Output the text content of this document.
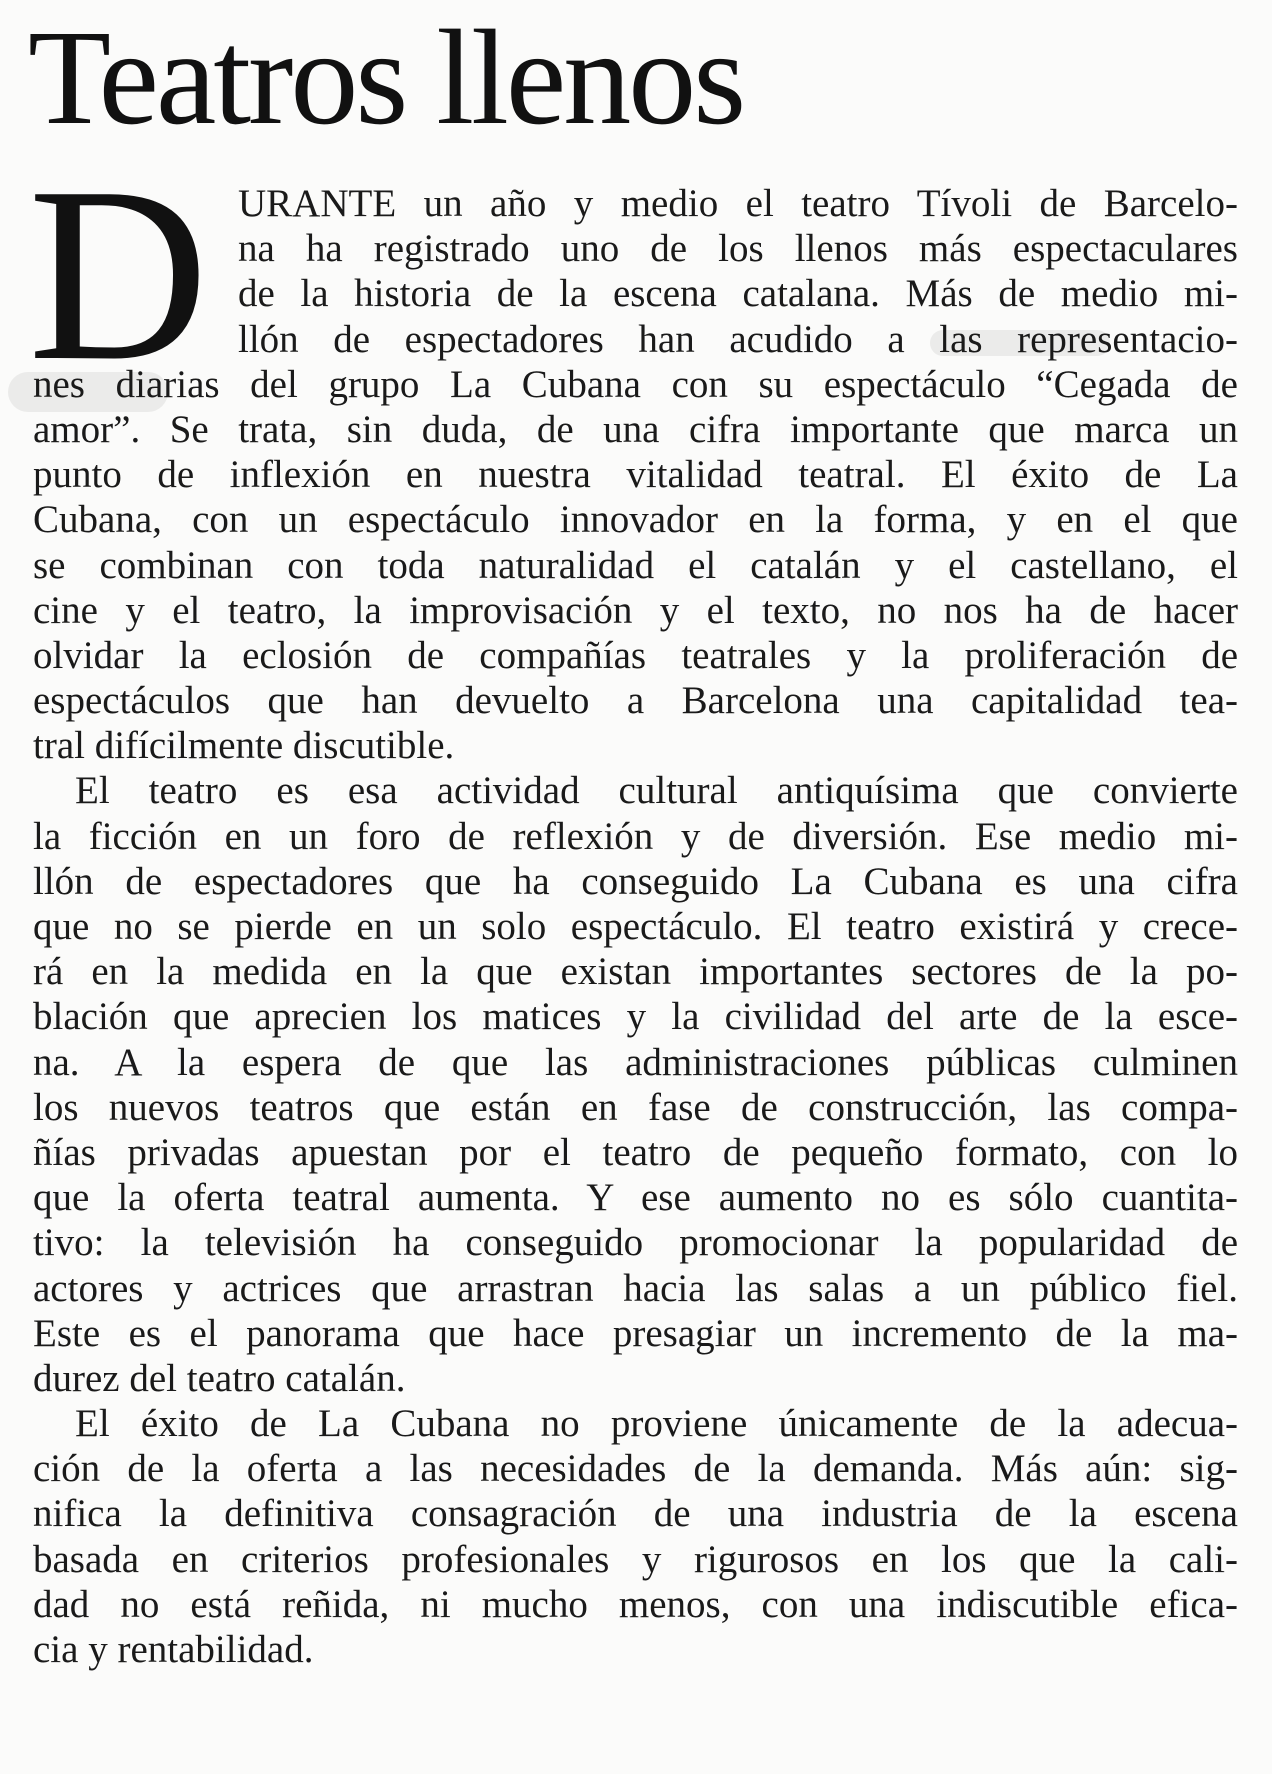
Teatros llenos
D URANTE un año y medio el teatro Tívoli de Barcelo-
na ha registrado uno de los llenos más espectaculares
de la historia de la escena catalana. Más de medio mi-
llón de espectadores han acudido a las representacio-
nes diarias del grupo La Cubana con su espectáculo “Cegada de
amor”. Se trata, sin duda, de una cifra importante que marca un
punto de inflexión en nuestra vitalidad teatral. El éxito de La
Cubana, con un espectáculo innovador en la forma, y en el que
se combinan con toda naturalidad el catalán y el castellano, el
cine y el teatro, la improvisación y el texto, no nos ha de hacer
olvidar la eclosión de compañías teatrales y la proliferación de
espectáculos que han devuelto a Barcelona una capitalidad tea-
tral difícilmente discutible.
El teatro es esa actividad cultural antiquísima que convierte
la ficción en un foro de reflexión y de diversión. Ese medio mi-
llón de espectadores que ha conseguido La Cubana es una cifra
que no se pierde en un solo espectáculo. El teatro existirá y crece-
rá en la medida en la que existan importantes sectores de la po-
blación que aprecien los matices y la civilidad del arte de la esce-
na. A la espera de que las administraciones públicas culminen
los nuevos teatros que están en fase de construcción, las compa-
ñías privadas apuestan por el teatro de pequeño formato, con lo
que la oferta teatral aumenta. Y ese aumento no es sólo cuantita-
tivo: la televisión ha conseguido promocionar la popularidad de
actores y actrices que arrastran hacia las salas a un público fiel.
Este es el panorama que hace presagiar un incremento de la ma-
durez del teatro catalán.
El éxito de La Cubana no proviene únicamente de la adecua-
ción de la oferta a las necesidades de la demanda. Más aún: sig-
nifica la definitiva consagración de una industria de la escena
basada en criterios profesionales y rigurosos en los que la cali-
dad no está reñida, ni mucho menos, con una indiscutible efica-
cia y rentabilidad.
